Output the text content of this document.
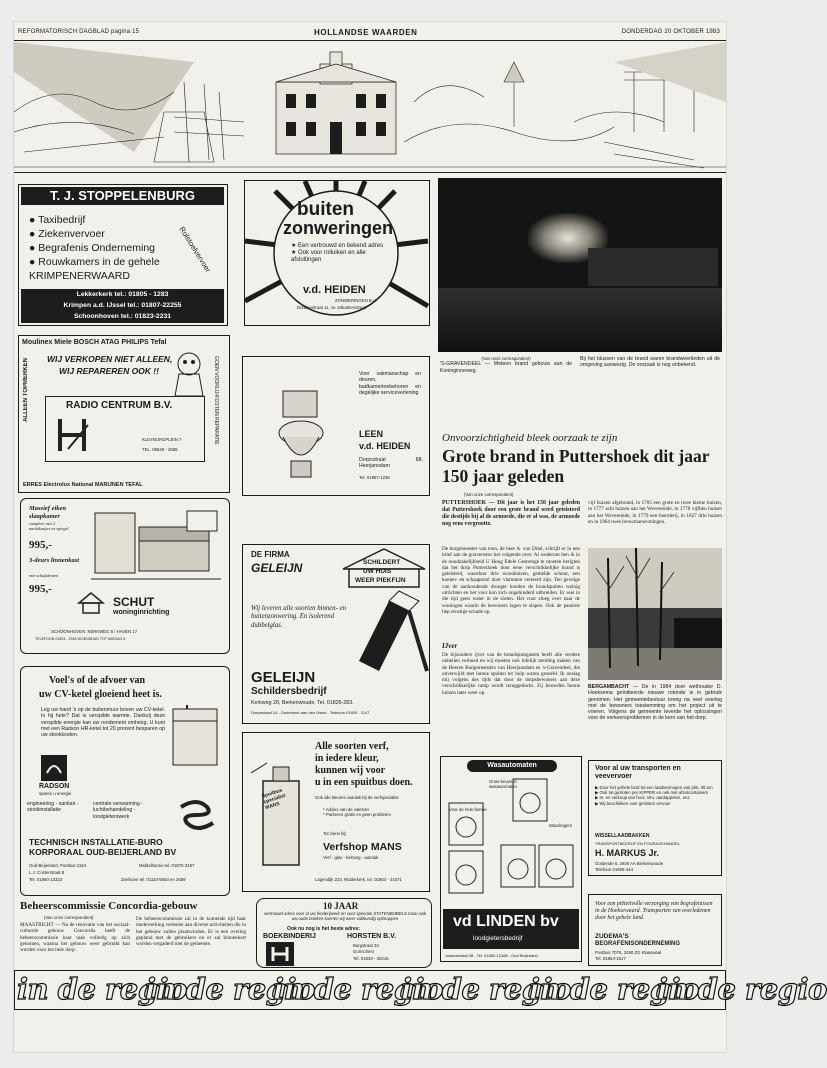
REFORMATORISCH DAGBLAD pagina 15	HOLLANDSE WAARDEN	DONDERDAG 20 OKTOBER 1983
T. J. STOPPELENBURG
● Taxibedrijf
● Ziekenvervoer
● Begrafenis Onderneming
● Rouwkamers in de gehele KRIMPENERWAARD
Rolstoelvervoer
Lekkerkerk tel.: 01805 - 1283
Krimpen a.d. IJssel tel.: 01807-22255
Schoonhoven tel.: 01823-2231
buiten
zonweringen
★ Een vertrouwd en bekend adres
★ Ook voor rolluiken en alle afsluitingen
v.d. HEIDEN
ZONWERINGEN B.V.
Dordtsestraat 11, 1e Jolkarkenstraat
(Van onze correspondent)
'S-GRAVENDEEL — Meteen brand gebouw aan de Koninginneweg.
Bij het blussen van de brand waren brandweerlieden uit de omgeving aanwezig. De oorzaak is nog onbekend.
Moulinex Miele BOSCH ATAG PHILIPS Tefal
ALLEEN TOPMERKEN WIJ VERKOPEN NIET ALLEEN,
WIJ REPAREREN OOK !!	GOEN VOORLIJ-KOSTEN REPARATIE
RADIO CENTRUM B.V.
KLEYBURGPLEIN 7
TEL. 06849 - 2585
ERRES Electrolux National MARIJNEN TEFAL
Voor vakmanschap en deuren, badkamertoebehoren en degelijke serviceverlening
LEEN
v.d. HEIDEN
Dorpsstraat 88, Heerjansdam
Tel. 01857-1236
Onvoorzichtigheid bleek oorzaak te zijn
Grote brand in Puttershoek dit jaar 150 jaar geleden
(Van onze correspondent)
PUTTERSHOEK — Dit jaar is het 150 jaar geleden dat Puttershoek door een grote brand werd geteisterd die destijds bij al de armoede, die er al was, de armoede nog eens vergrootte.
De burgemeester van toen, de heer A. van Driel, schrijft er in een brief aan de gouverneur het volgende over. Al wederom ben ik in de noodzakelijkheid U Hoog Edele Gestrenge te moeten berigten dat het dorp Puttershoek door eene verschrikkelijke brand is geteisterd, waardoor drie woonhuizen, gemelde schuur, een koeien- en schaapsstal door vlammen verteerd zijn. Ten gevolge van de aanhoudende droogte konden de brandspuiten weinig uitrichten en het vuur kon zich ongehinderd uitbreiden. Er was in die tijd geen water in de sloten. Het vuur sloeg over naar de woningen waarin de bewoners lagen te slapen. Ook de pastorie liep ernstige schade op.
IJver
De bijzondere ijver van de brandspuitgasten heeft alle verdere onheilen verhoed en wij moeten ook lofelijk melding maken van de Heeren Burgemeesters van Heerjansdam en 's-Gravendeel, die onverwijld met hunne spuiten ter hulp waren gesneld. Ik onslag mij volgens des tijds dat door de dorpsbewoners aan deze verschrikkelijke ramp wordt teruggedacht. Zij bouwden hunne huizen later weer op.
vijf huizen afgebrand, in 1705 een grote en twee kleine huizen, in 1777 acht huizen aan het Wevereinde, in 1778 vijftien huizen aan het Wevereinde, in 1779 een boerderij, in 1827 drie huizen en in 1964 twee bouwmansvoningen.
BERGAMBACHT — De in 1984 door wethouder D. Hoeksema geïnitieerde nieuwe rotonde is in gebruik genomen. Het gemeentebestuur kreeg na veel overleg met de bewoners toestemming om het project uit te voeren. Volgens de gemeente leverde het oplossingen voor de verkeersproblemen in de kern van het dorp.
Massief eiken slaapkamer
compleet met 2 nachtkastjes en spiegel
995,-
3-deurs linnenkast
met schuifdeuren
995,-
SCHUT
woninginrichting
SCHOONHOVEN: KERKWEG 8 / HAVEN 17
TELEFOON 01823 - 2345 WOENSDAG TOT MIDDAG 5
DE FIRMA
GELEIJN	SCHILDERT
UW HUIS
WEER PIEKFIJN
Wij leveren alle soorten binnen- en buitenzonwering. En isolerend dubbelglas.
GELEIJN
Schildersbedrijf
Kerkweg 20, Berkenwoude. Tel. 01826-283.
Dorpsstraat 14 - Ouderkerk aan den IJssel - Telefoon 01809 - 1147
Voel's of de afvoer van
uw CV-ketel gloeiend heet is.
Leg uw hand 's op de buitenmuur boven uw CV-ketel. Is hij hete? Dat is verspilde warmte. Dankzij deze verspilde energie kan uw rendement omhoog. U kunt met een Radson HR-ketel tot 20 procent besparen op uw stookkosten.
RADSON
sparen u energie
engineering - sanitair - stookinstallatie
centrale verwarming - luchtbehandeling - loodgieterswerk
TECHNISCH INSTALLATIE-BURO
KORPORAAL OUD-BEIJERLAND BV
Oud-Beijerland, Postbus 1164
L.J. Costerstraat 8
Tel. 01860-13322
Middelharnis tel. 01870-3197
Zierikzee tel. 01110-5654 en 2689
Alle soorten verf,
in iedere kleur,
kunnen wij voor
u in een spuitbus doen.
Spuitbus specialist MANS
Ook alle kleuren autolak bij de verfspecialist
* Advies van de vakman
* Parkeren gratis en geen probleem
Tot ziens bij:
Verfshop MANS
Verf - glas - behang - autolak
Lagendijk 223, Ridderkerk, tel. 01804 - 24371
Wasautomaten
Grote keuze in wasautomaten
Voor de hele familie
Wasdrogers
vd LINDEN bv
loodgietersbedrijf
Julianastraat 38 - Tel. 01860-12468 - Oud Beijerland
Voor al uw transporten en veevervoer
▶ Door het gehele land tot een laadvermogen van plm. 35 ton
▶ Ook tot gesloten per KIPPER en ook met afzetcontainers
▶ In- en verkoop van hooi, stro, aardappelen, enz.
▶ Wij beschikken over gesloten vervoer
WISSELLAADBAKKEN
TRANSPORTBEDRIJF EN FOURAGEHANDEL
H. MARKUS Jr.
Oostende 5, 2926 AA Berkenwoude
Telefoon 01806-444
Beheerscommissie Concordia-gebouw
(Van onze correspondent)
MAASTRICHT — Na de renovatie van het sociaal-culturele gebouw Concordia heeft de beheerscommissie haar taak volledig op zich genomen, waarna het gebouw weer gebruikt kan worden voor het hele dorp.
De beheerscommissie zal in de komende tijd haar medewerking verlenen aan diverse activiteiten die in het gebouw zullen plaatsvinden. Er is een overleg gepland met de gebruikers en er zal binnenkort worden vergaderd met de gemeente.
10 JAAR
vertrouwd adres voor al uw binderijwerk en voor speciale STATENBIJBELS maar ook uw oude boeken kunnen wij weer vakkundig opknappen
Ook nu nog is het beste adres:
BOEKBINDERIJ	HORSTEN B.V.
Burgstraat 33
Gorinchem
Tel. 01830 - 30216
Voor een piëteitvolle verzorging van begrafenissen in de Hoeksewaard. Transporten van overledenen door het gehele land.
ZUDEMA'S
BEGRAFENISONDERNEMING
Postbus 7076, 3280 ZG Klaaswaal
Tel. 01864-1517
in de regio
in de regio
in de regio
in de regio
in de regio
in de regio
